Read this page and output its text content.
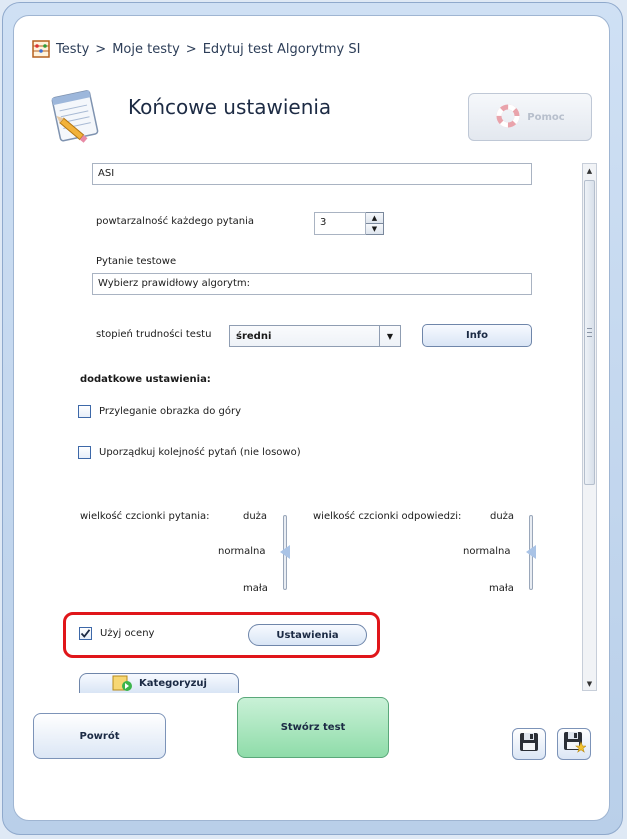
Testy > Moje testy > Edytuj test Algorytmy SI
Końcowe ustawienia	Pomoc
ASI
powtarzalność każdego pytania	3	▲
▼
Pytanie testowe
Wybierz prawidłowy algorytm:
stopień trudności testu	średni	▼	Info
dodatkowe ustawienia:
Przyleganie obrazka do góry
Uporządkuj kolejność pytań (nie losowo)
wielkość czcionki pytania:	duża
normalna
mała
wielkość czcionki odpowiedzi:	duża
normalna
mała
Użyj oceny	Ustawienia
Kategoryzuj
▲
▼
Powrót
Stwórz test
